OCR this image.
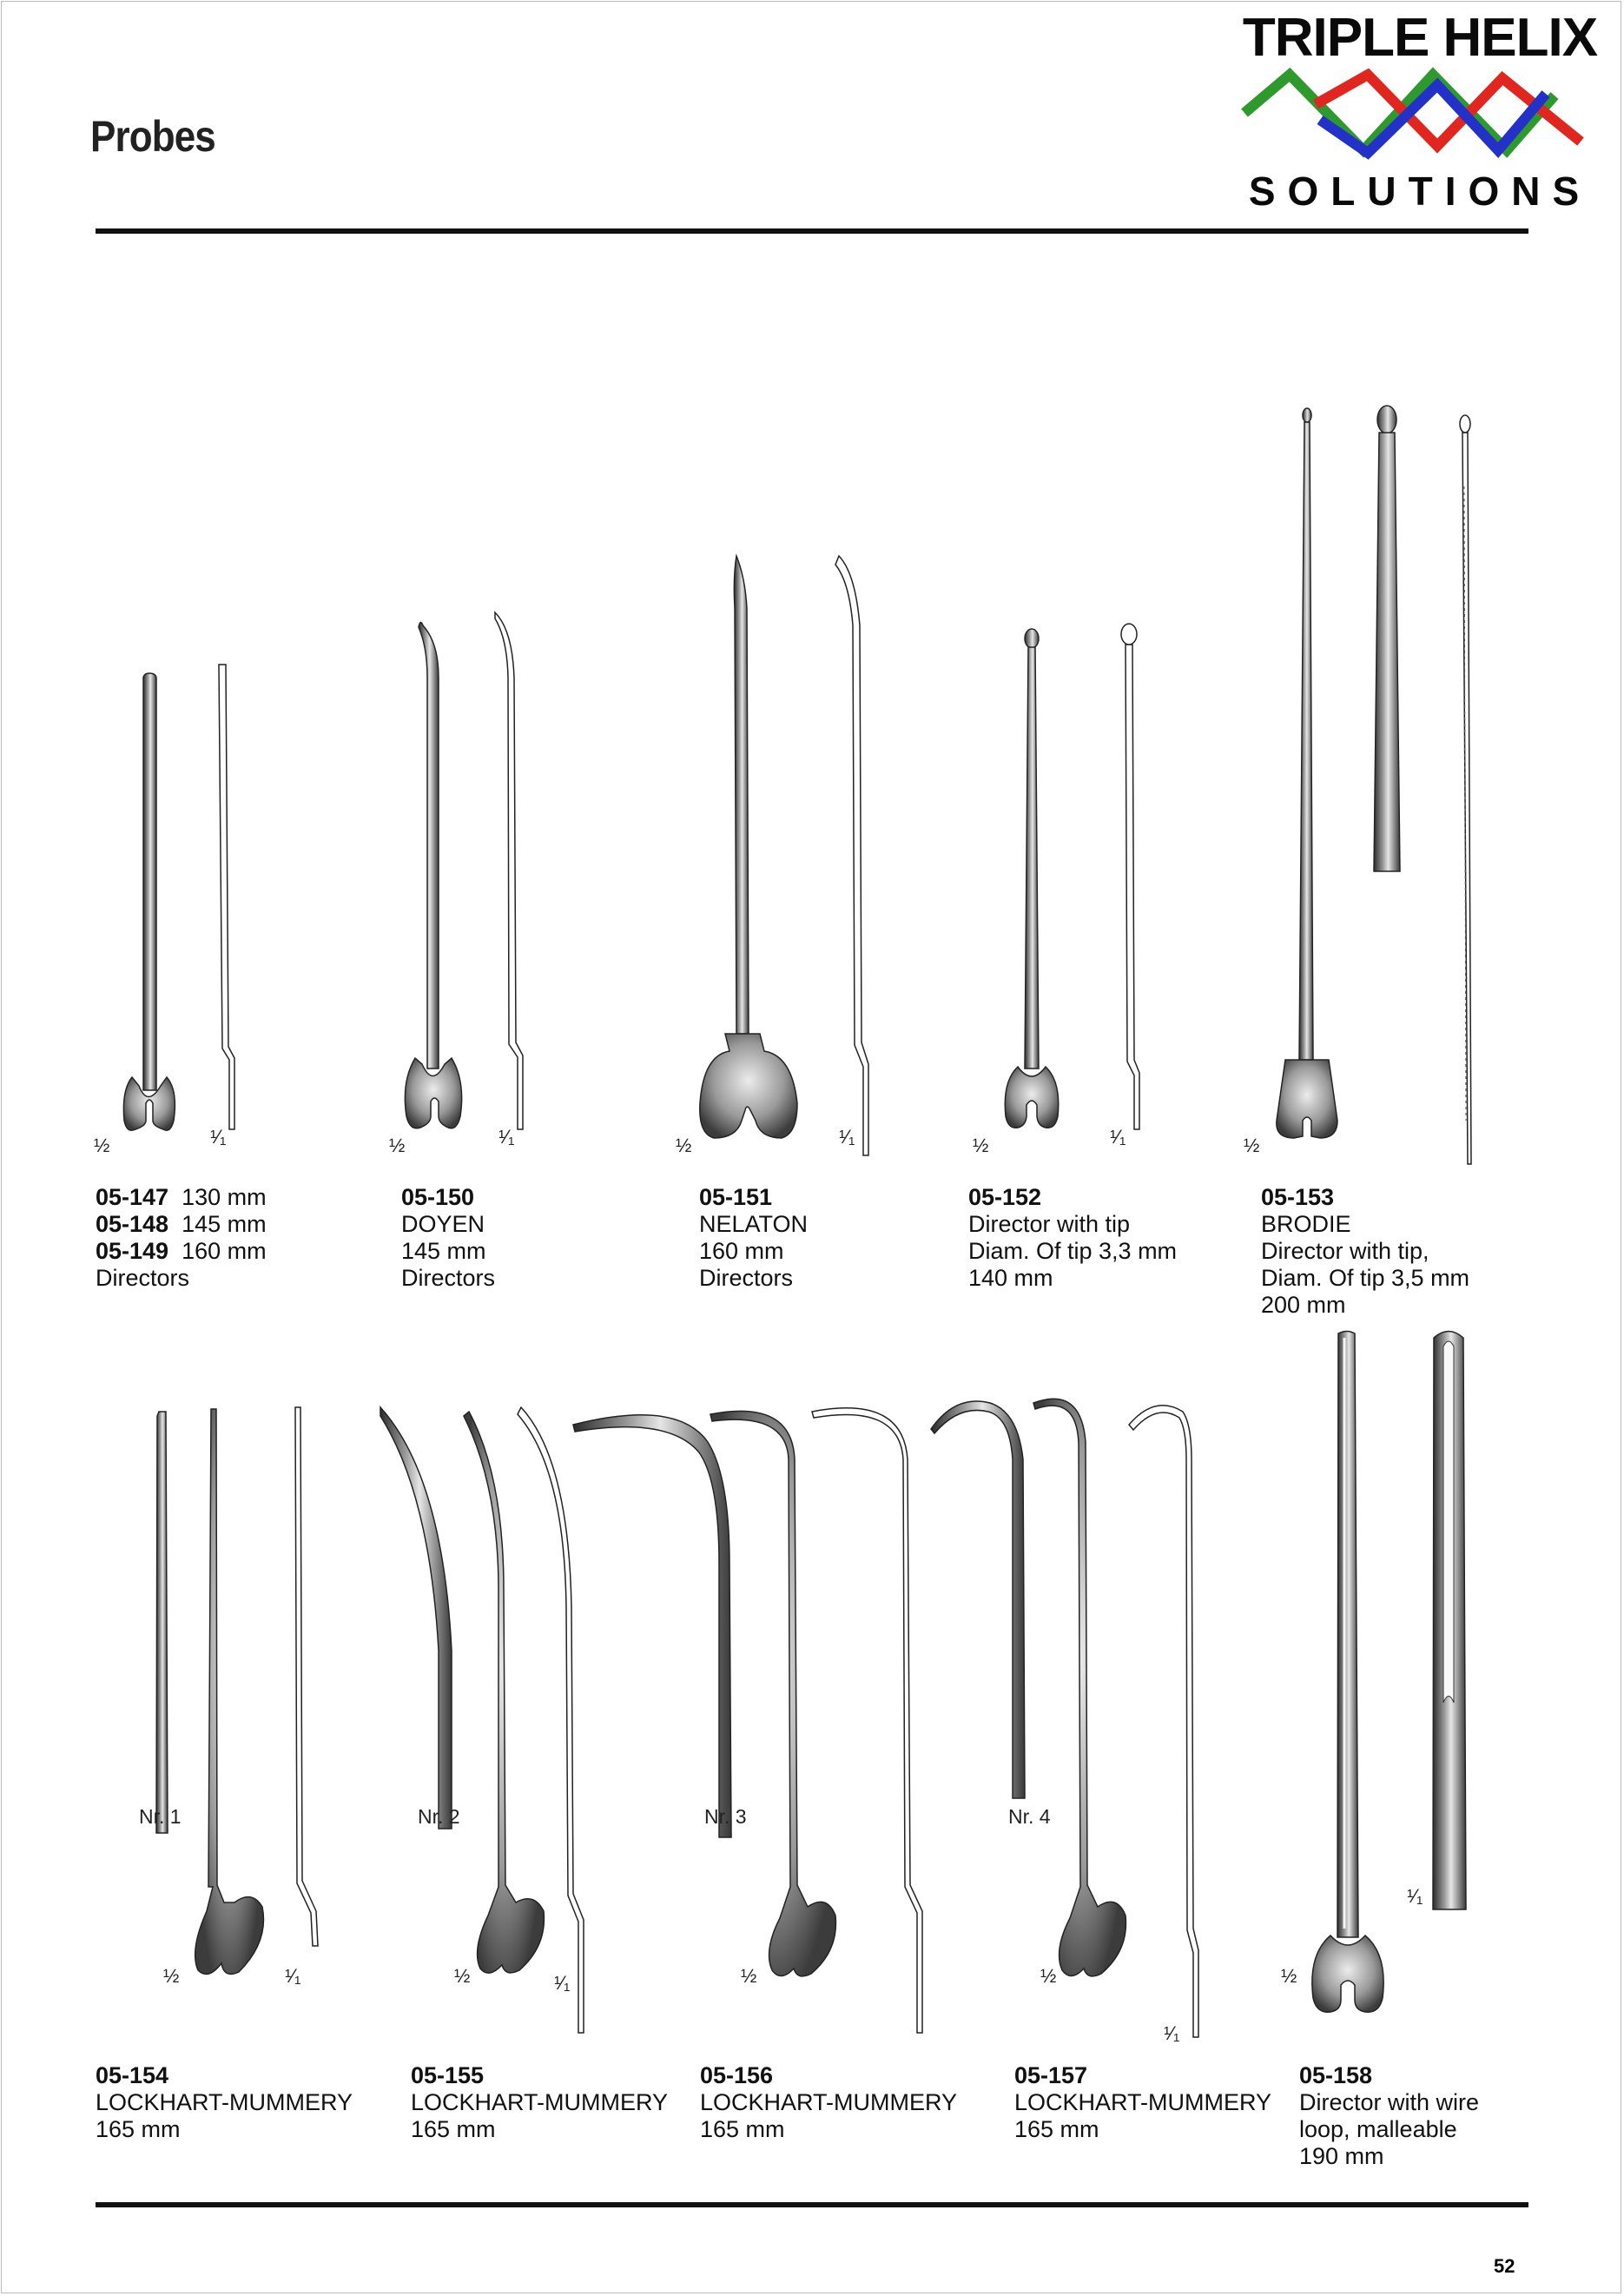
Probes
TRIPLE HELIX
SOLUTIONS
½	¹⁄₁	½	¹⁄₁	½	¹⁄₁	½	¹⁄₁	½
½	¹⁄₁	½	¹⁄₁	½	½
¹⁄₁
½
¹⁄₁
Nr. 1	Nr. 2	Nr. 3	Nr. 4
05-147 130 mm
05-148 145 mm
05-149 160 mm
Directors
05-150
DOYEN
145 mm
Directors
05-151
NELATON
160 mm
Directors
05-152
Director with tip
Diam. Of tip 3,3 mm
140 mm
05-153
BRODIE
Director with tip,
Diam. Of tip 3,5 mm
200 mm
05-154
LOCKHART-MUMMERY
165 mm
05-155
LOCKHART-MUMMERY
165 mm
05-156
LOCKHART-MUMMERY
165 mm
05-157
LOCKHART-MUMMERY
165 mm
05-158
Director with wire
loop, malleable
190 mm
52
